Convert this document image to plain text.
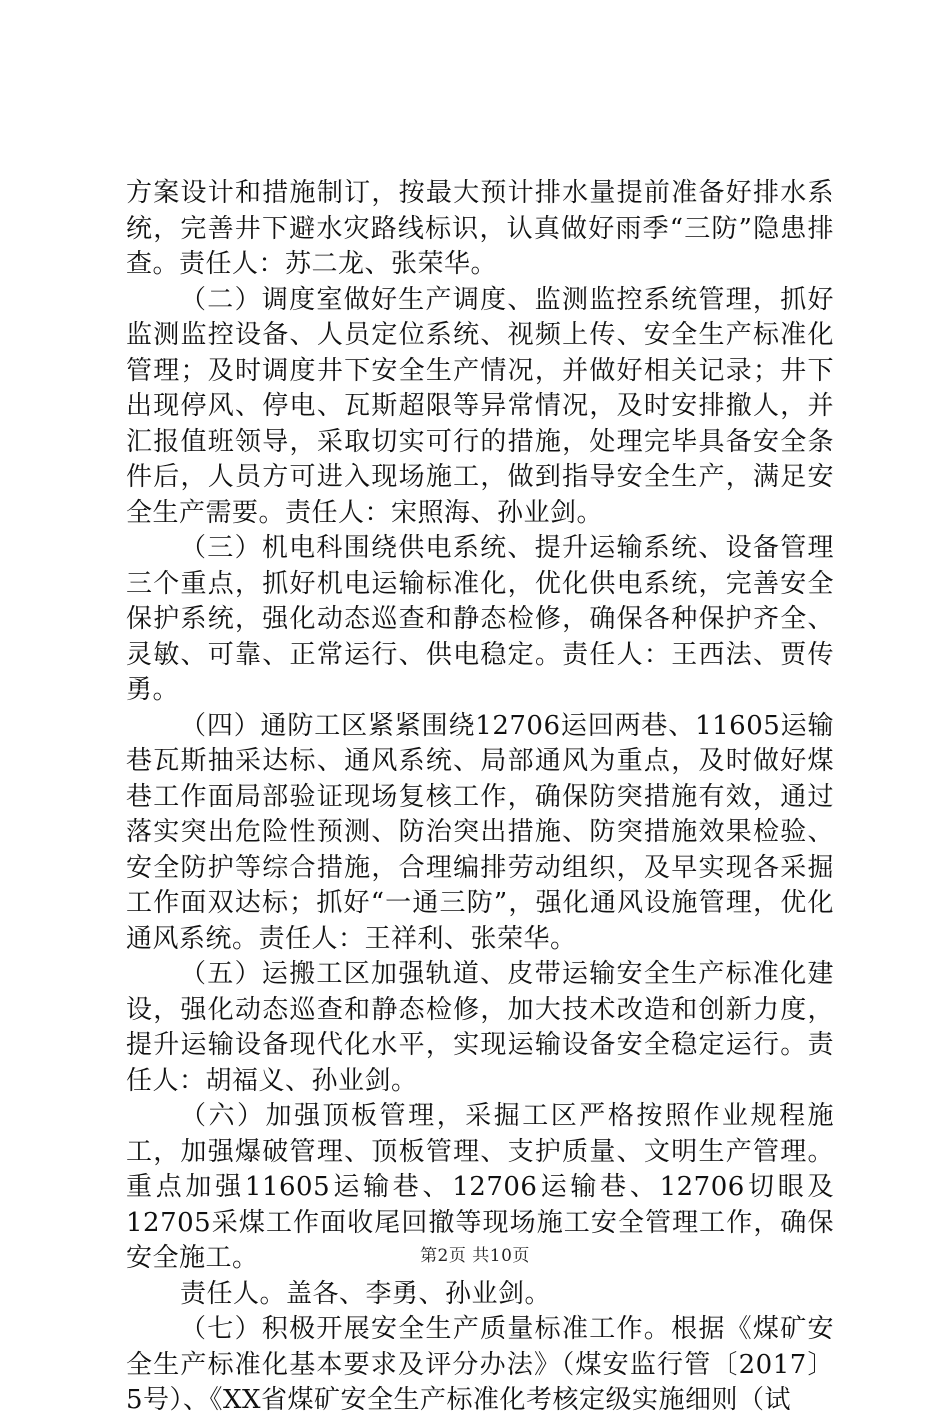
方案设计和措施制订，按最大预计排水量提前准备好排水系统，完善井下避水灾路线标识，认真做好雨季“三防”隐患排查。责任人：苏二龙、张荣华。

（二）调度室做好生产调度、监测监控系统管理，抓好监测监控设备、人员定位系统、视频上传、安全生产标准化管理；及时调度井下安全生产情况，并做好相关记录；井下出现停风、停电、瓦斯超限等异常情况，及时安排撤人，并汇报值班领导，采取切实可行的措施，处理完毕具备安全条件后，人员方可进入现场施工，做到指导安全生产，满足安全生产需要。责任人：宋照海、孙业剑。

（三）机电科围绕供电系统、提升运输系统、设备管理三个重点，抓好机电运输标准化，优化供电系统，完善安全保护系统，强化动态巡查和静态检修，确保各种保护齐全、灵敏、可靠、正常运行、供电稳定。责任人：王西法、贾传勇。

（四）通防工区紧紧围绕12706运回两巷、11605运输巷瓦斯抽采达标、通风系统、局部通风为重点，及时做好煤巷工作面局部验证现场复核工作，确保防突措施有效，通过落实突出危险性预测、防治突出措施、防突措施效果检验、安全防护等综合措施，合理编排劳动组织，及早实现各采掘工作面双达标；抓好“一通三防”，强化通风设施管理，优化通风系统。责任人：王祥利、张荣华。

（五）运搬工区加强轨道、皮带运输安全生产标准化建设，强化动态巡查和静态检修，加大技术改造和创新力度，提升运输设备现代化水平，实现运输设备安全稳定运行。责任人：胡福义、孙业剑。

（六）加强顶板管理，采掘工区严格按照作业规程施工，加强爆破管理、顶板管理、支护质量、文明生产管理。重点加强11605运输巷、12706运输巷、12706切眼及12705采煤工作面收尾回撤等现场施工安全管理工作，确保安全施工。

责任人。盖各、李勇、孙业剑。

（七）积极开展安全生产质量标准工作。根据《煤矿安全生产标准化基本要求及评分办法》（煤安监行管〔2017〕5号）、《XX省煤矿安全生产标准化考核定级实施细则（试

第2页 共10页
